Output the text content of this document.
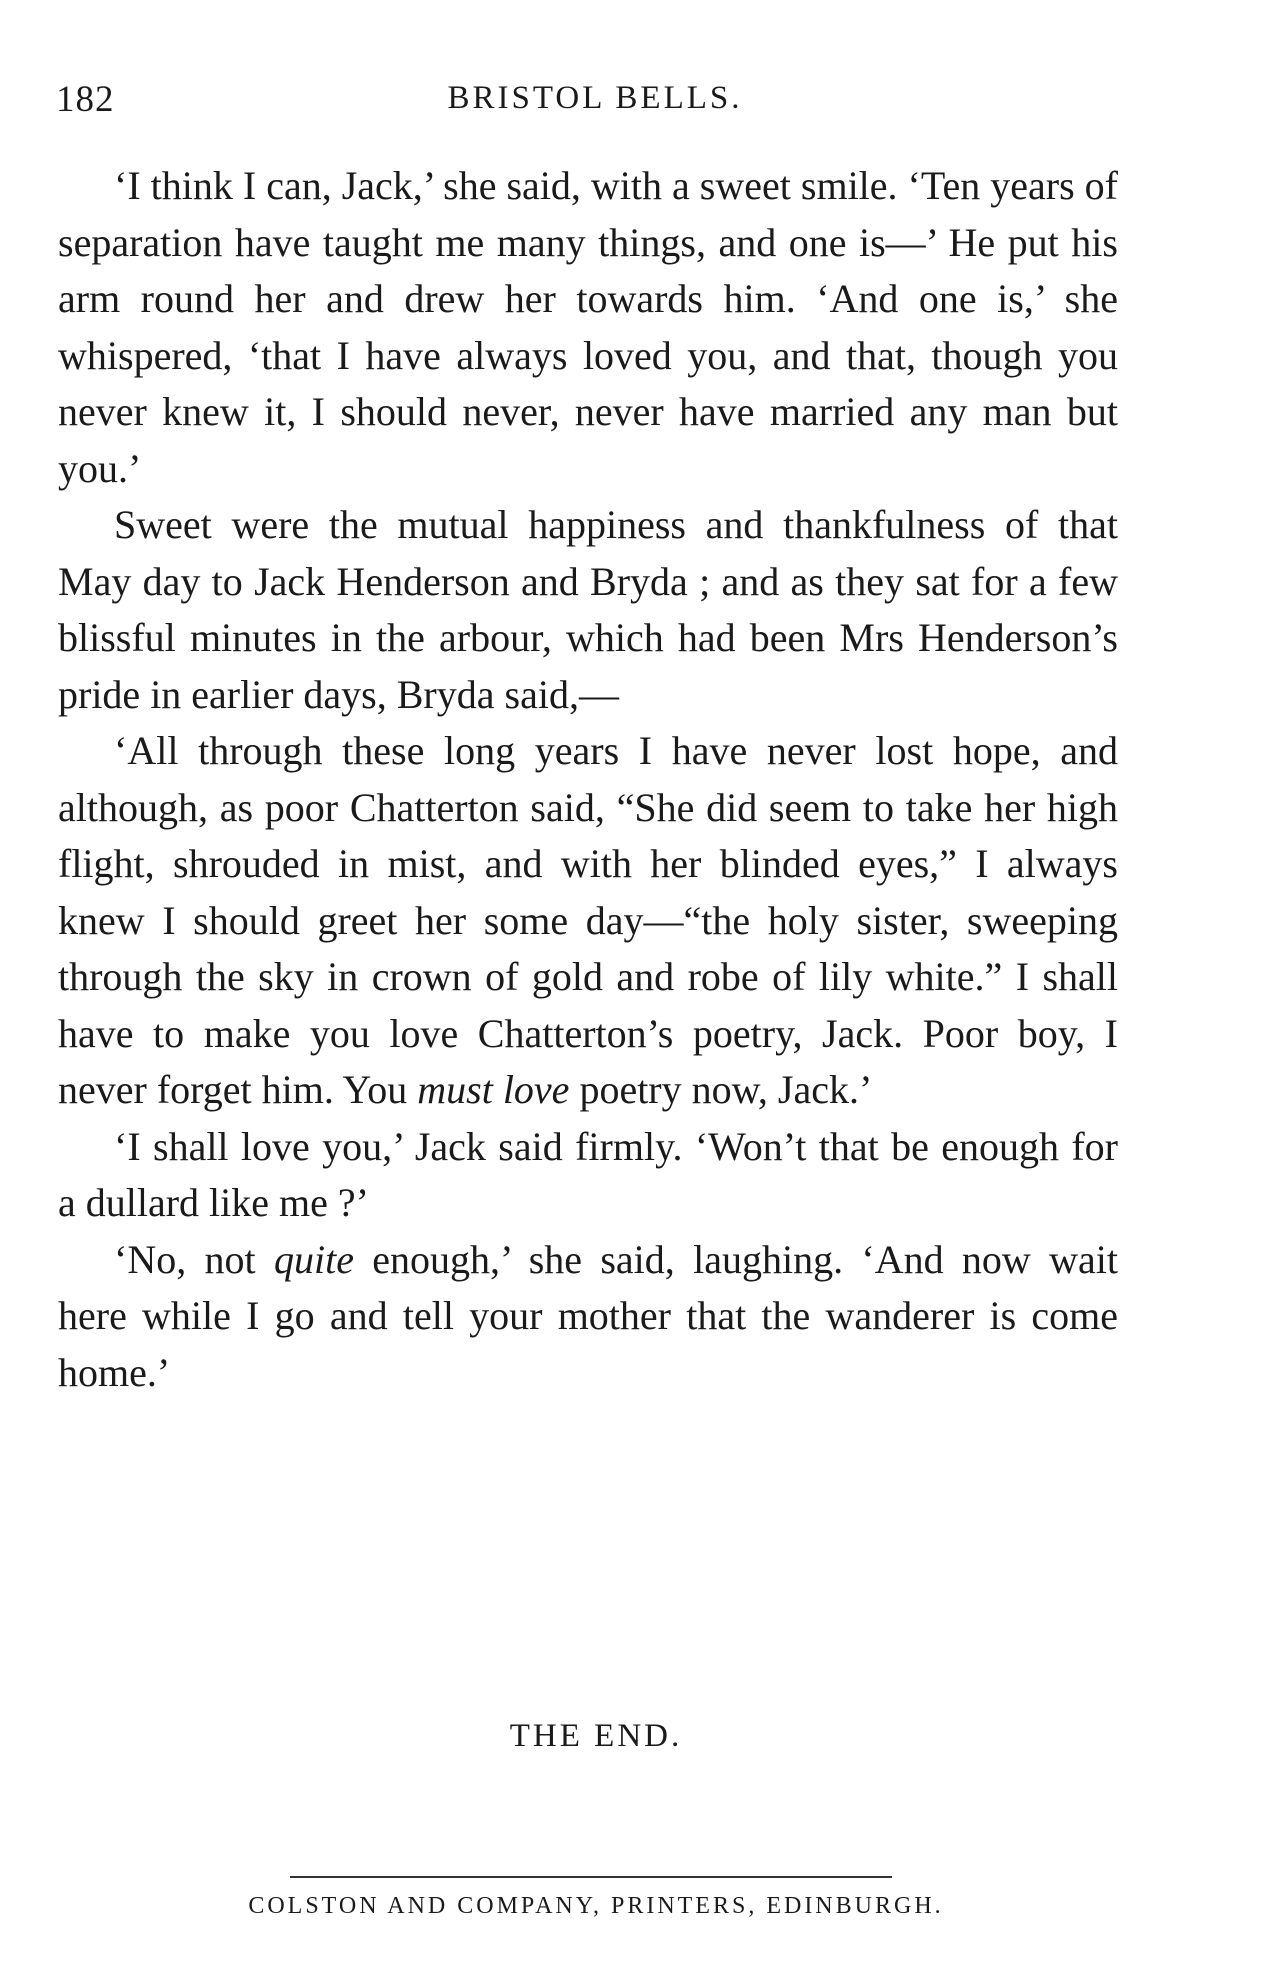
182	BRISTOL BELLS.

‘I think I can, Jack,’ she said, with a sweet smile. ‘Ten years of separation have taught me many things, and one is—’ He put his arm round her and drew her towards him. ‘And one is,’ she whispered, ‘that I have always loved you, and that, though you never knew it, I should never, never have married any man but you.’

Sweet were the mutual happiness and thankfulness of that May day to Jack Henderson and Bryda ; and as they sat for a few blissful minutes in the arbour, which had been Mrs Henderson’s pride in earlier days, Bryda said,—

‘All through these long years I have never lost hope, and although, as poor Chatterton said, “She did seem to take her high flight, shrouded in mist, and with her blinded eyes,” I always knew I should greet her some day—“the holy sister, sweeping through the sky in crown of gold and robe of lily white.” I shall have to make you love Chatterton’s poetry, Jack. Poor boy, I never forget him. You must love poetry now, Jack.’

‘I shall love you,’ Jack said firmly. ‘Won’t that be enough for a dullard like me ?’

‘No, not quite enough,’ she said, laughing. ‘And now wait here while I go and tell your mother that the wanderer is come home.’

THE END.
COLSTON AND COMPANY, PRINTERS, EDINBURGH.
